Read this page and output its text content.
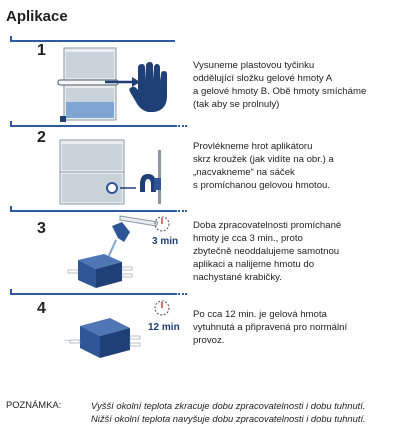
Aplikace
1
Vysuneme plastovou tyčinku
oddělující složku gelové hmoty A
a gelové hmoty B. Obě hmoty smícháme
(tak aby se prolnuly)
2
Provlékneme hrot aplikátoru
skrz kroužek (jak vidíte na obr.) a
„nacvakneme“ na sáček
s promíchanou gelovou hmotou.
3
3 min
Doba zpracovatelnosti promíchané
hmoty je cca 3 min., proto
zbytečně neoddalujeme samotnou
aplikaci a nalijeme hmotu do
nachystané krabičky.
4
12 min
Po cca 12 min. je gelová hmota
vytuhnutá a připravená pro normální
provoz.
POZNÁMKA:	Vyšší okolní teplota zkracuje dobu zpracovatelnosti i dobu tuhnutí.
Nižší okolní teplota navyšuje dobu zpracovatelnosti i dobu tuhnutí.
